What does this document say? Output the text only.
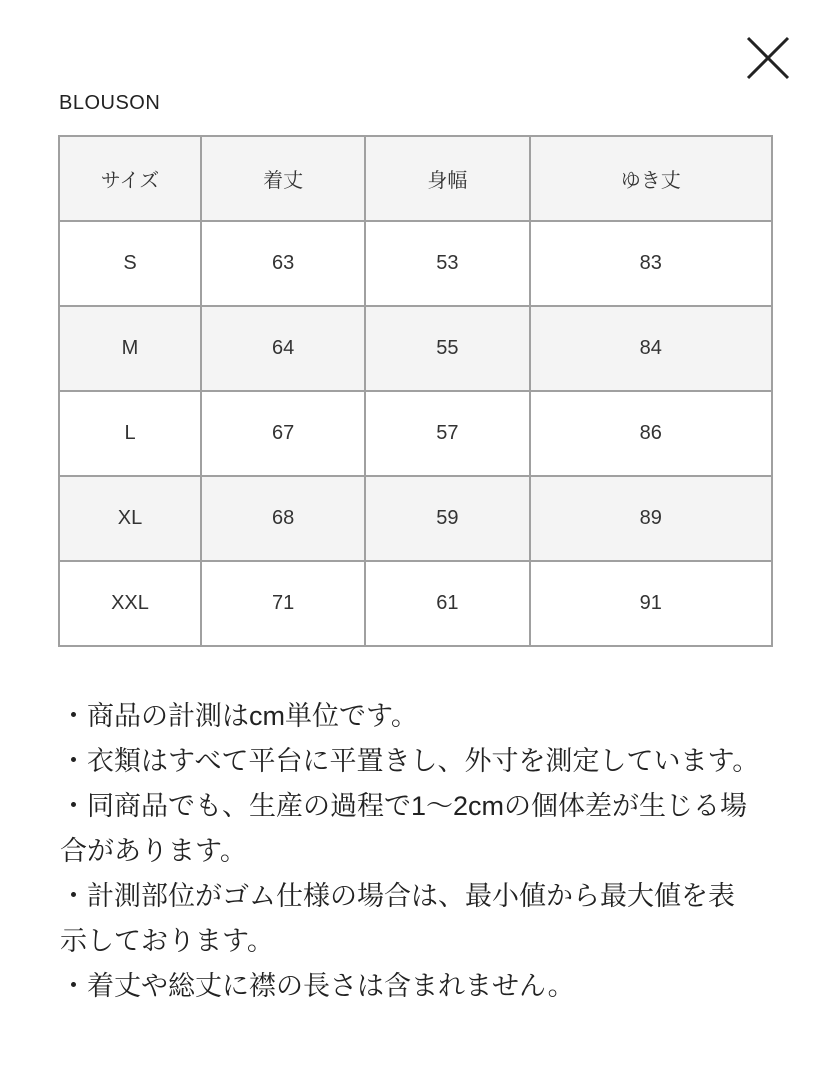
BLOUSON
サイズ	着丈	身幅	ゆき丈
S	63	53	83
M	64	55	84
L	67	57	86
XL	68	59	89
XXL	71	61	91

・商品の計測はcm単位です。

・衣類はすべて平台に平置きし、外寸を測定しています。

・同商品でも、生産の過程で1〜2cmの個体差が生じる場合があります。

・計測部位がゴム仕様の場合は、最小値から最大値を表示しております。

・着丈や総丈に襟の長さは含まれません。
